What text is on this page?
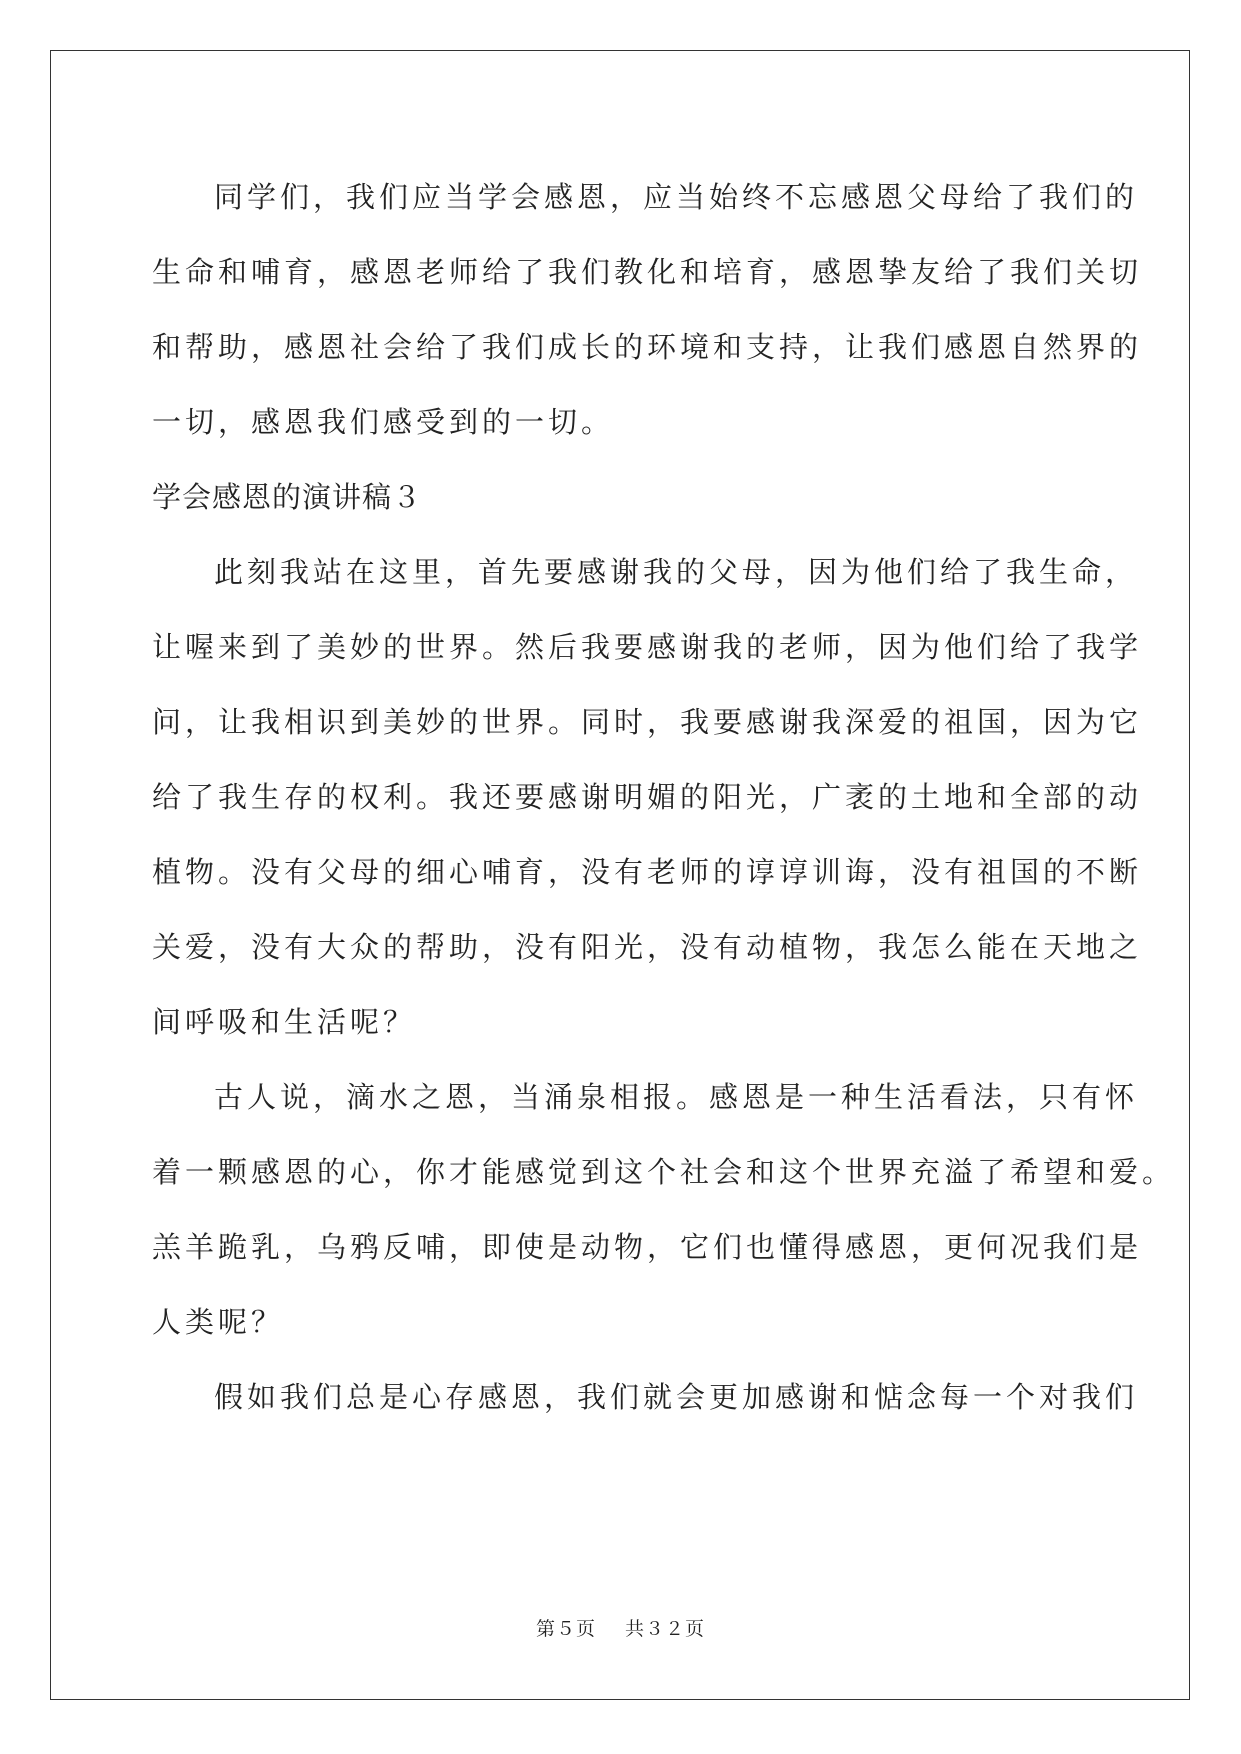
同学们，我们应当学会感恩，应当始终不忘感恩父母给了我们的
生命和哺育，感恩老师给了我们教化和培育，感恩挚友给了我们关切
和帮助，感恩社会给了我们成长的环境和支持，让我们感恩自然界的
一切，感恩我们感受到的一切。
学会感恩的演讲稿３
此刻我站在这里，首先要感谢我的父母，因为他们给了我生命，
让喔来到了美妙的世界。然后我要感谢我的老师，因为他们给了我学
问，让我相识到美妙的世界。同时，我要感谢我深爱的祖国，因为它
给了我生存的权利。我还要感谢明媚的阳光，广袤的土地和全部的动
植物。没有父母的细心哺育，没有老师的谆谆训诲，没有祖国的不断
关爱，没有大众的帮助，没有阳光，没有动植物，我怎么能在天地之
间呼吸和生活呢？
古人说，滴水之恩，当涌泉相报。感恩是一种生活看法，只有怀
着一颗感恩的心，你才能感觉到这个社会和这个世界充溢了希望和爱。
羔羊跪乳，乌鸦反哺，即使是动物，它们也懂得感恩，更何况我们是
人类呢？
假如我们总是心存感恩，我们就会更加感谢和惦念每一个对我们
第５页 共３２页
